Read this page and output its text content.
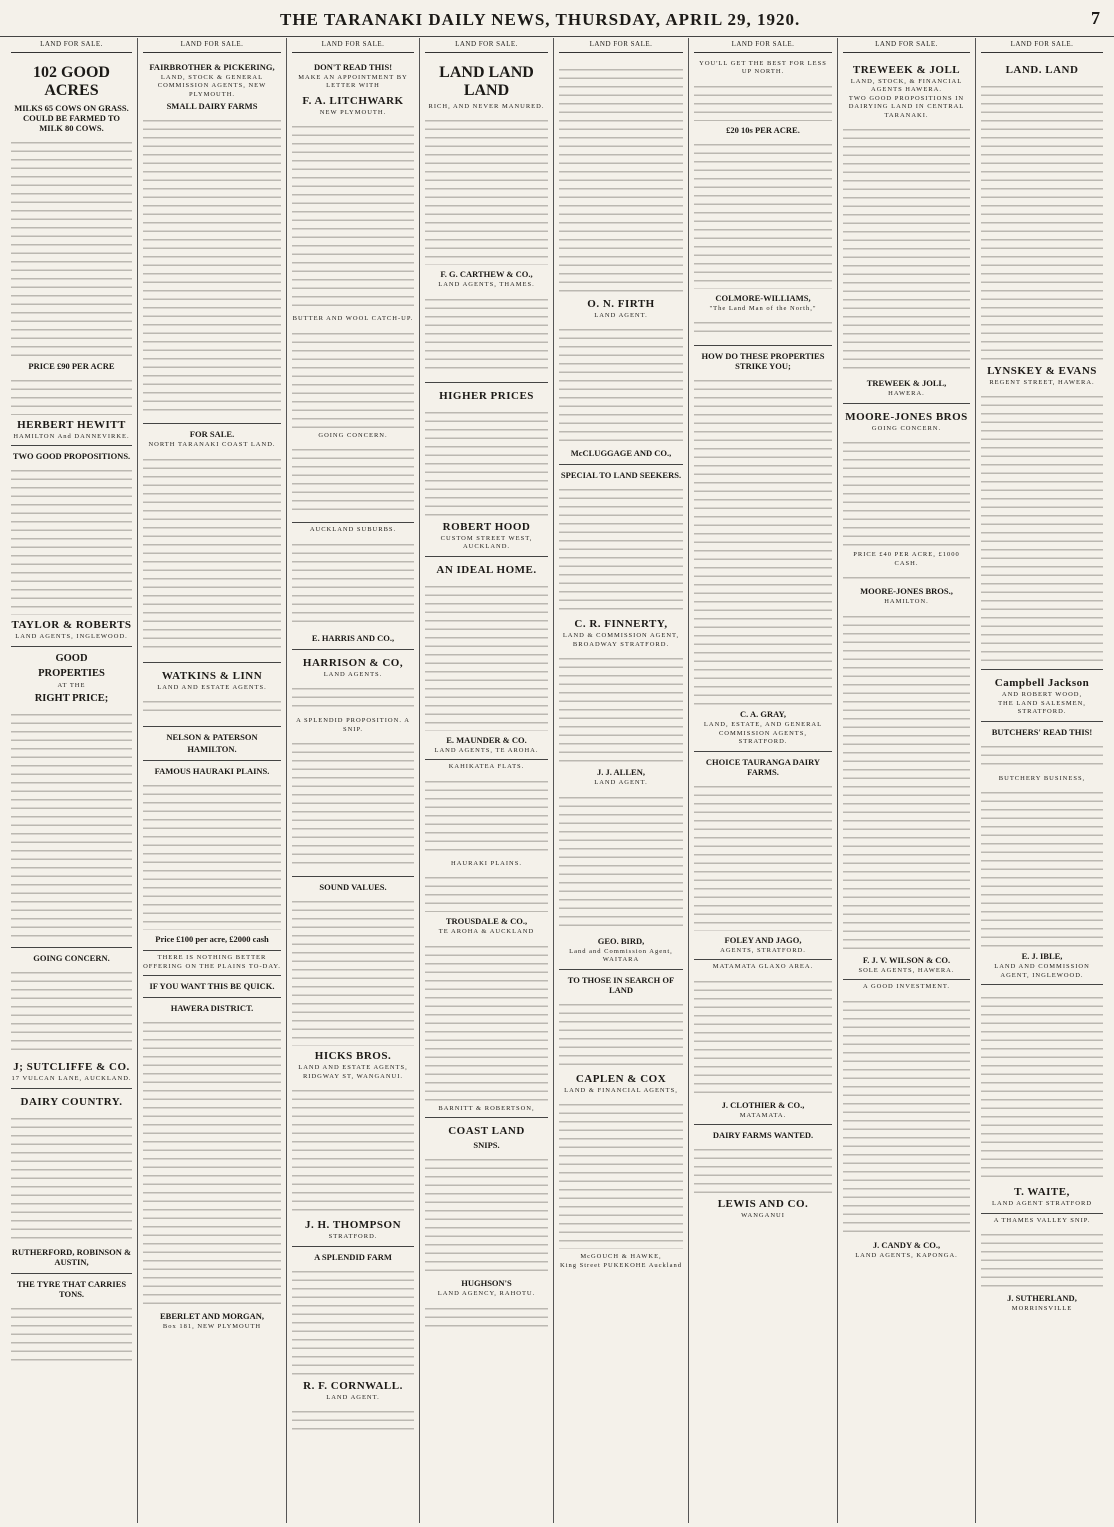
THE TARANAKI DAILY NEWS, THURSDAY, APRIL 29, 1920.	7
LAND FOR SALE.
102 GOOD ACRES
MILKS 65 COWS ON GRASS. COULD BE FARMED TO MILK 80 COWS.
PRICE £90 PER ACRE
HERBERT HEWITT
HAMILTON And DANNEVIRKE.
TWO GOOD PROPOSITIONS.
TAYLOR & ROBERTS
LAND AGENTS, INGLEWOOD.
GOOD
PROPERTIES
AT THE
RIGHT PRICE;
GOING CONCERN.
J; SUTCLIFFE & CO.
17 VULCAN LANE, AUCKLAND.
DAIRY COUNTRY.
RUTHERFORD, ROBINSON & AUSTIN,
THE TYRE THAT CARRIES TONS.
LAND FOR SALE.
FAIRBROTHER & PICKERING,
LAND, STOCK & GENERAL COMMISSION AGENTS, NEW PLYMOUTH.
SMALL DAIRY FARMS
FOR SALE.
NORTH TARANAKI COAST LAND.
WATKINS & LINN
LAND AND ESTATE AGENTS.
NELSON & PATERSON
HAMILTON.
FAMOUS HAURAKI PLAINS.
Price £100 per acre, £2000 cash
THERE IS NOTHING BETTER OFFERING ON THE PLAINS TO-DAY.
IF YOU WANT THIS BE QUICK.
HAWERA DISTRICT.
EBERLET AND MORGAN,
Box 181, NEW PLYMOUTH
LAND FOR SALE.
DON'T READ THIS!
MAKE AN APPOINTMENT BY LETTER WITH
F. A. LITCHWARK
NEW PLYMOUTH.
BUTTER AND WOOL CATCH-UP.
GOING CONCERN.
AUCKLAND SUBURBS.
E. HARRIS AND CO.,
HARRISON & CO,
LAND AGENTS.
A SPLENDID PROPOSITION. A SNIP.
SOUND VALUES.
HICKS BROS.
LAND AND ESTATE AGENTS, RIDGWAY ST, WANGANUI.
J. H. THOMPSON
STRATFORD.
A SPLENDID FARM
R. F. CORNWALL.
LAND AGENT.
LAND FOR SALE.
LAND LAND LAND
RICH, AND NEVER MANURED.
F. G. CARTHEW & CO.,
LAND AGENTS, THAMES.
HIGHER PRICES
ROBERT HOOD
CUSTOM STREET WEST, AUCKLAND.
AN IDEAL HOME.
E. MAUNDER & CO.
LAND AGENTS, TE AROHA.
KAHIKATEA FLATS.
HAURAKI PLAINS.
TROUSDALE & CO.,
TE AROHA & AUCKLAND
BARNITT & ROBERTSON,
COAST LAND
SNIPS.
HUGHSON'S
LAND AGENCY, RAHOTU.
LAND FOR SALE.
O. N. FIRTH
LAND AGENT.
McCLUGGAGE AND CO.,
SPECIAL TO LAND SEEKERS.
C. R. FINNERTY,
LAND & COMMISSION AGENT, BROADWAY STRATFORD.
J. J. ALLEN,
LAND AGENT.
GEO. BIRD,
Land and Commission Agent, WAITARA
TO THOSE IN SEARCH OF LAND
CAPLEN & COX
LAND & FINANCIAL AGENTS,
McGOUCH & HAWKE,
King Street PUKEKOHE Auckland
LAND FOR SALE.
YOU'LL GET THE BEST FOR LESS UP NORTH.
£20 10s PER ACRE.
COLMORE-WILLIAMS,
"The Land Man of the North,"
HOW DO THESE PROPERTIES STRIKE YOU;
C. A. GRAY,
LAND, ESTATE, AND GENERAL COMMISSION AGENTS, STRATFORD.
CHOICE TAURANGA DAIRY FARMS.
FOLEY AND JAGO,
AGENTS, STRATFORD.
MATAMATA GLAXO AREA.
J. CLOTHIER & CO.,
MATAMATA.
DAIRY FARMS WANTED.
LEWIS AND CO.
WANGANUI
LAND FOR SALE.
TREWEEK & JOLL
LAND, STOCK, & FINANCIAL AGENTS HAWERA.
TWO GOOD PROPOSITIONS IN DAIRYING LAND IN CENTRAL TARANAKI.
TREWEEK & JOLL,
HAWERA.
MOORE-JONES BROS
GOING CONCERN.
PRICE £40 PER ACRE, £1000 CASH.
MOORE-JONES BROS.,
HAMILTON.
F. J. V. WILSON & CO.
SOLE AGENTS, HAWERA.
A GOOD INVESTMENT.
J. CANDY & CO.,
LAND AGENTS, KAPONGA.
LAND FOR SALE.
LAND. LAND
LYNSKEY & EVANS
REGENT STREET, HAWERA.
Campbell Jackson
AND ROBERT WOOD,
THE LAND SALESMEN, STRATFORD.
BUTCHERS' READ THIS!
BUTCHERY BUSINESS,
E. J. IBLE,
LAND AND COMMISSION AGENT, INGLEWOOD.
T. WAITE,
LAND AGENT STRATFORD
A THAMES VALLEY SNIP.
J. SUTHERLAND,
MORRINSVILLE
